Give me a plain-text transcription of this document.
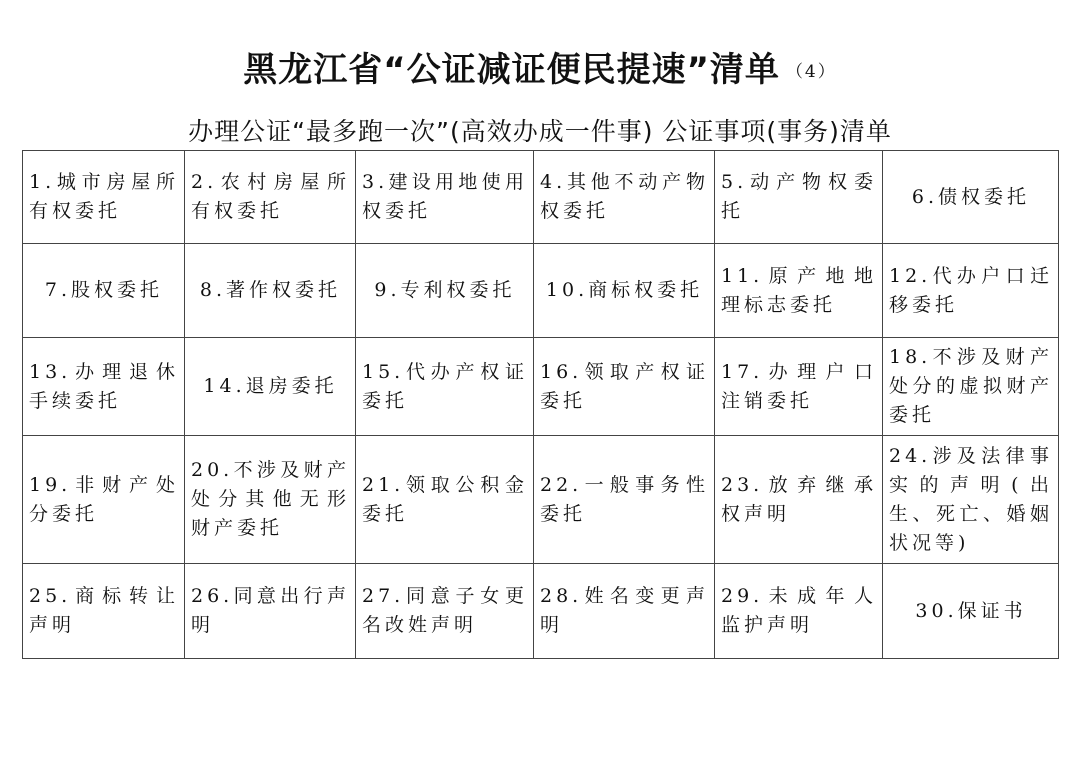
黑龙江省“公证减证便民提速”清单 （4）
办理公证“最多跑一次”(高效办成一件事) 公证事项(事务)清单
1.城市房屋所有权委托	2.农村房屋所有权委托	3.建设用地使用权委托	4.其他不动产物权委托	5.动产物权委托	6.债权委托
7.股权委托	8.著作权委托	9.专利权委托	10.商标权委托	11.原产地地理标志委托	12.代办户口迁移委托
13.办理退休手续委托	14.退房委托	15.代办产权证委托	16.领取产权证委托	17.办理户口注销委托	18.不涉及财产处分的虚拟财产委托
19.非财产处分委托	20.不涉及财产处分其他无形财产委托	21.领取公积金委托	22.一般事务性委托	23.放弃继承权声明	24.涉及法律事实的声明(出生、死亡、婚姻状况等)
25.商标转让声明	26.同意出行声明	27.同意子女更名改姓声明	28.姓名变更声明	29.未成年人监护声明	30.保证书
